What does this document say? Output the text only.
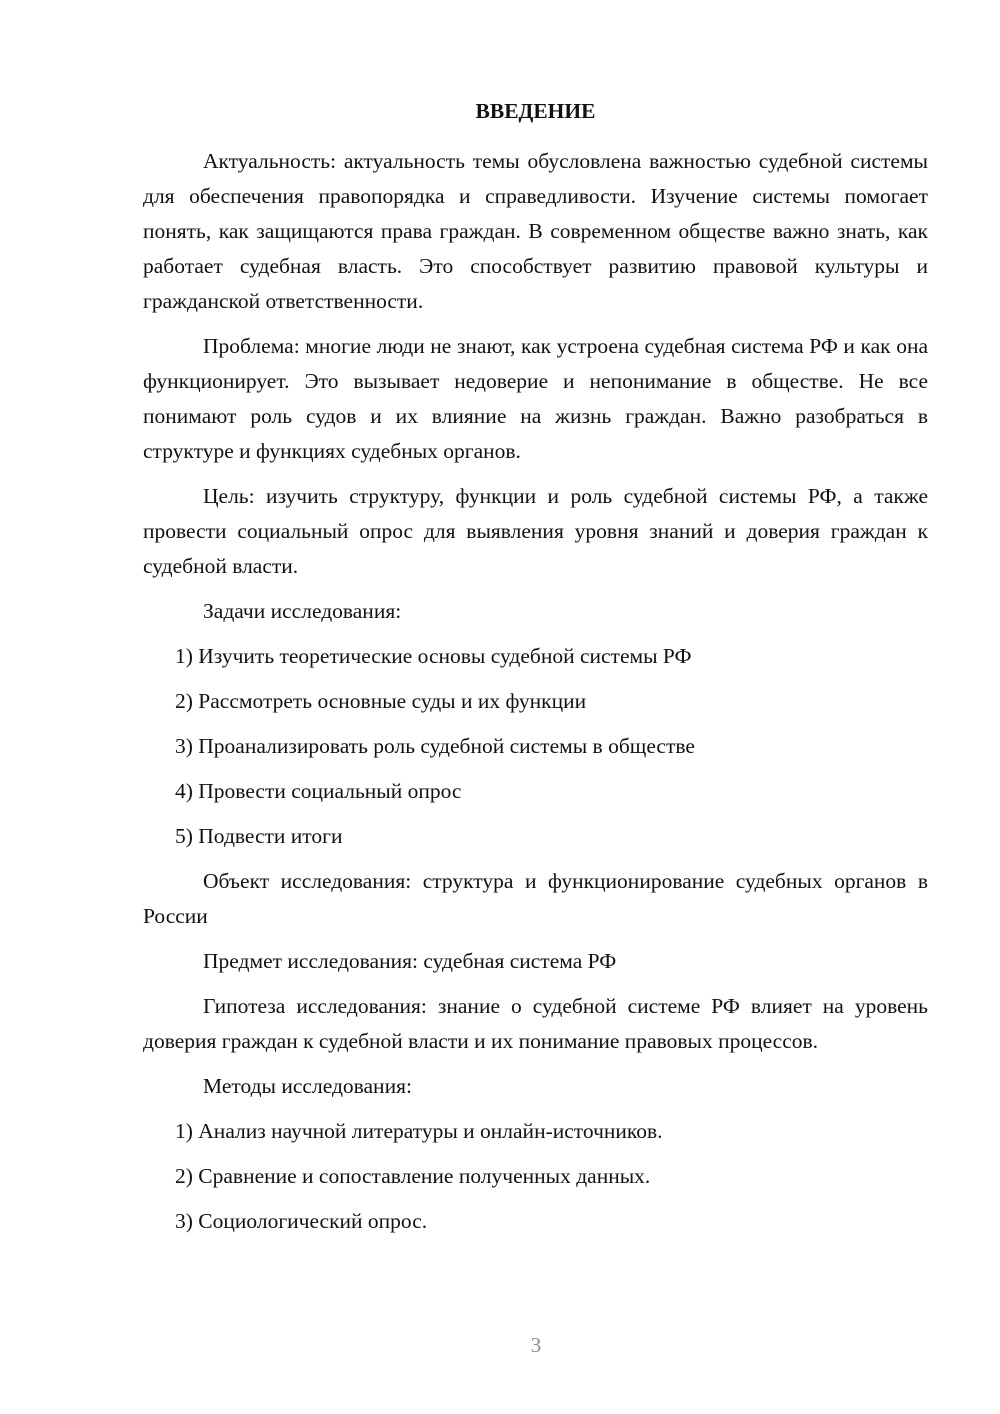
ВВЕДЕНИЕ

Актуальность: актуальность темы обусловлена важностью судебной системы для обеспечения правопорядка и справедливости. Изучение системы помогает понять, как защищаются права граждан. В современном обществе важно знать, как работает судебная власть. Это способствует развитию правовой культуры и гражданской ответственности.

Проблема: многие люди не знают, как устроена судебная система РФ и как она функционирует. Это вызывает недоверие и непонимание в обществе. Не все понимают роль судов и их влияние на жизнь граждан. Важно разобраться в структуре и функциях судебных органов.

Цель: изучить структуру, функции и роль судебной системы РФ, а также провести социальный опрос для выявления уровня знаний и доверия граждан к судебной власти.

Задачи исследования:

1) Изучить теоретические основы судебной системы РФ
2) Рассмотреть основные суды и их функции
3) Проанализировать роль судебной системы в обществе
4) Провести социальный опрос
5) Подвести итоги

Объект исследования: структура и функционирование судебных органов в России

Предмет исследования: судебная система РФ

Гипотеза исследования: знание о судебной системе РФ влияет на уровень доверия граждан к судебной власти и их понимание правовых процессов.

Методы исследования:

1) Анализ научной литературы и онлайн-источников.
2) Сравнение и сопоставление полученных данных.
3) Социологический опрос.
3
